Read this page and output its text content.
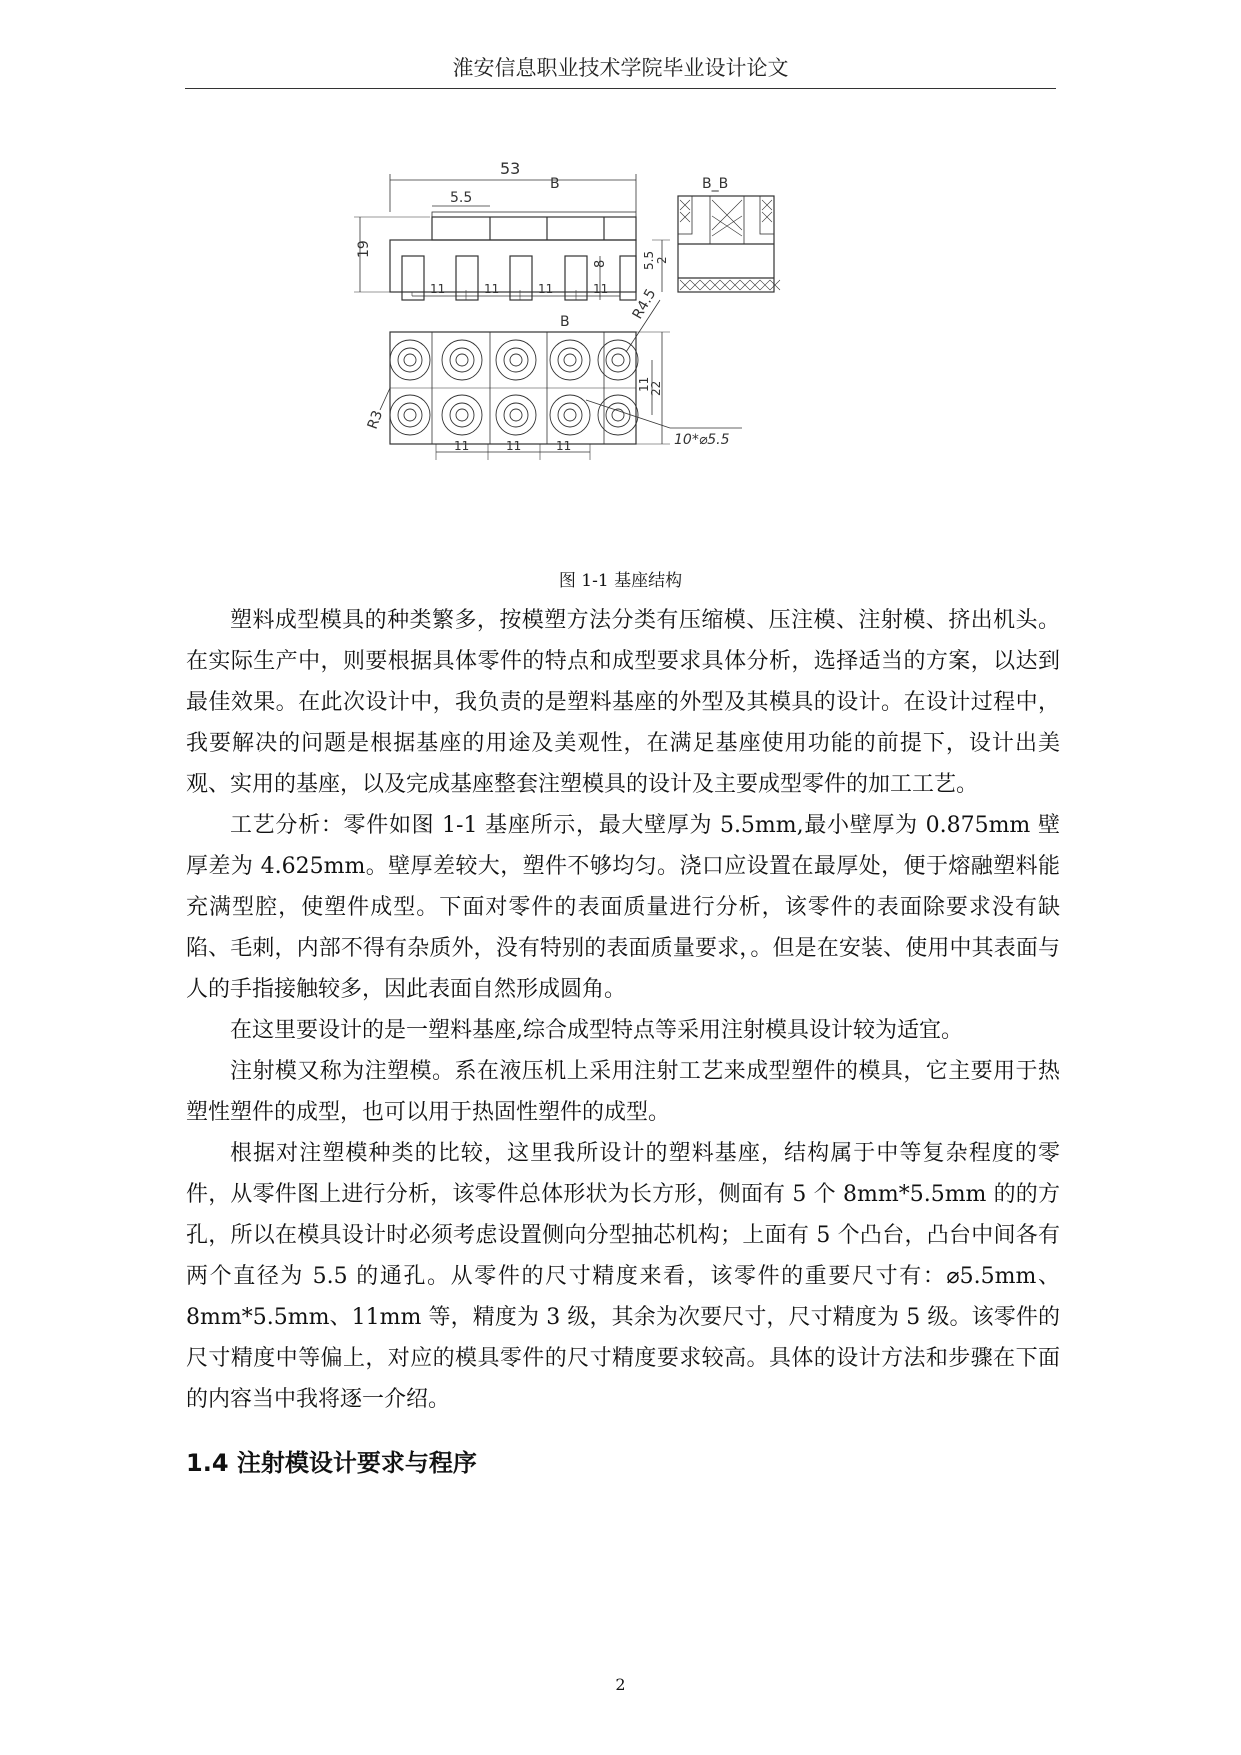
淮安信息职业技术学院毕业设计论文
53
5.5
B
19
8	5.5 2
11	11	11	11
B_B
R4.5
B
R3
11
22
10*⌀5.5
11	11	11
图 1-1 基座结构

塑料成型模具的种类繁多，按模塑方法分类有压缩模、压注模、注射模、挤出机头。在实际生产中，则要根据具体零件的特点和成型要求具体分析，选择适当的方案，以达到最佳效果。在此次设计中，我负责的是塑料基座的外型及其模具的设计。在设计过程中，我要解决的问题是根据基座的用途及美观性，在满足基座使用功能的前提下，设计出美观、实用的基座，以及完成基座整套注塑模具的设计及主要成型零件的加工工艺。

工艺分析：零件如图 1-1 基座所示，最大壁厚为 5.5mm,最小壁厚为 0.875mm 壁厚差为 4.625mm。壁厚差较大，塑件不够均匀。浇口应设置在最厚处，便于熔融塑料能充满型腔，使塑件成型。下面对零件的表面质量进行分析，该零件的表面除要求没有缺陷、毛刺，内部不得有杂质外，没有特别的表面质量要求，。但是在安装、使用中其表面与人的手指接触较多，因此表面自然形成圆角。

在这里要设计的是一塑料基座,综合成型特点等采用注射模具设计较为适宜。

注射模又称为注塑模。系在液压机上采用注射工艺来成型塑件的模具，它主要用于热塑性塑件的成型，也可以用于热固性塑件的成型。

根据对注塑模种类的比较，这里我所设计的塑料基座，结构属于中等复杂程度的零件，从零件图上进行分析，该零件总体形状为长方形，侧面有 5 个 8mm*5.5mm 的的方孔，所以在模具设计时必须考虑设置侧向分型抽芯机构；上面有 5 个凸台，凸台中间各有两个直径为 5.5 的通孔。从零件的尺寸精度来看，该零件的重要尺寸有：⌀5.5mm、8mm*5.5mm、11mm 等，精度为 3 级，其余为次要尺寸，尺寸精度为 5 级。该零件的尺寸精度中等偏上，对应的模具零件的尺寸精度要求较高。具体的设计方法和步骤在下面的内容当中我将逐一介绍。

1.4 注射模设计要求与程序
2
